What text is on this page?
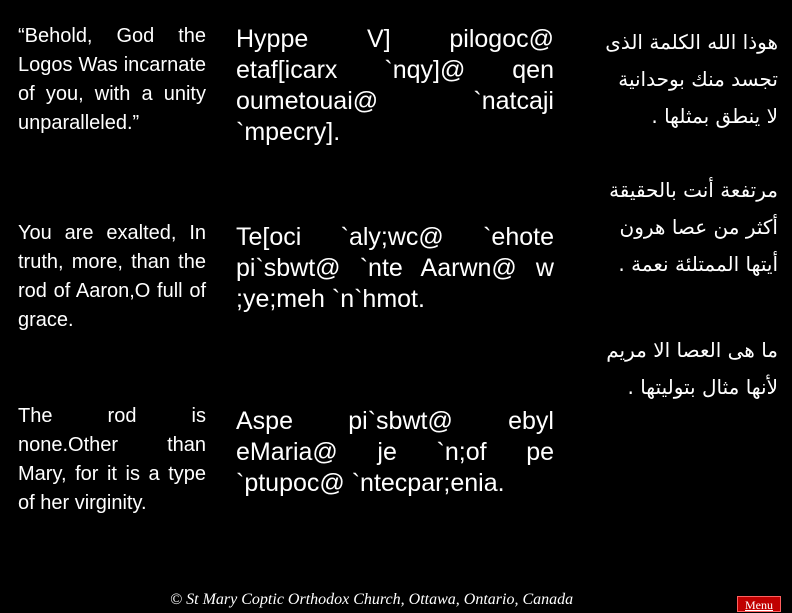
“Behold, God the Logos Was incarnate of you, with a unity unparalleled.”
Hyppe V] pilogoc@ etaf[icarx `nqy]@ qen oumetouai@ `natcaji `mpecry].
هوذا الله الكلمة الذى
تجسد منك بوحدانية
لا ينطق بمثلها .
You are exalted, In truth, more, than the rod of Aaron,O full of grace.
Te[oci `aly;wc@ `ehote pi`sbwt@ `nte Aarwn@ w ;ye;meh `n`hmot.
مرتفعة أنت بالحقيقة
أكثر من عصا هرون
أيتها الممتلئة نعمة .
The rod is none.Other than Mary, for it is a type of her virginity.
Aspe pi`sbwt@ ebyl eMaria@ je `n;of pe `ptupoc@ `ntecpar;enia.
ما هى العصا الا مريم
لأنها مثال بتوليتها .
© St Mary Coptic Orthodox Church, Ottawa, Ontario, Canada	Menu
